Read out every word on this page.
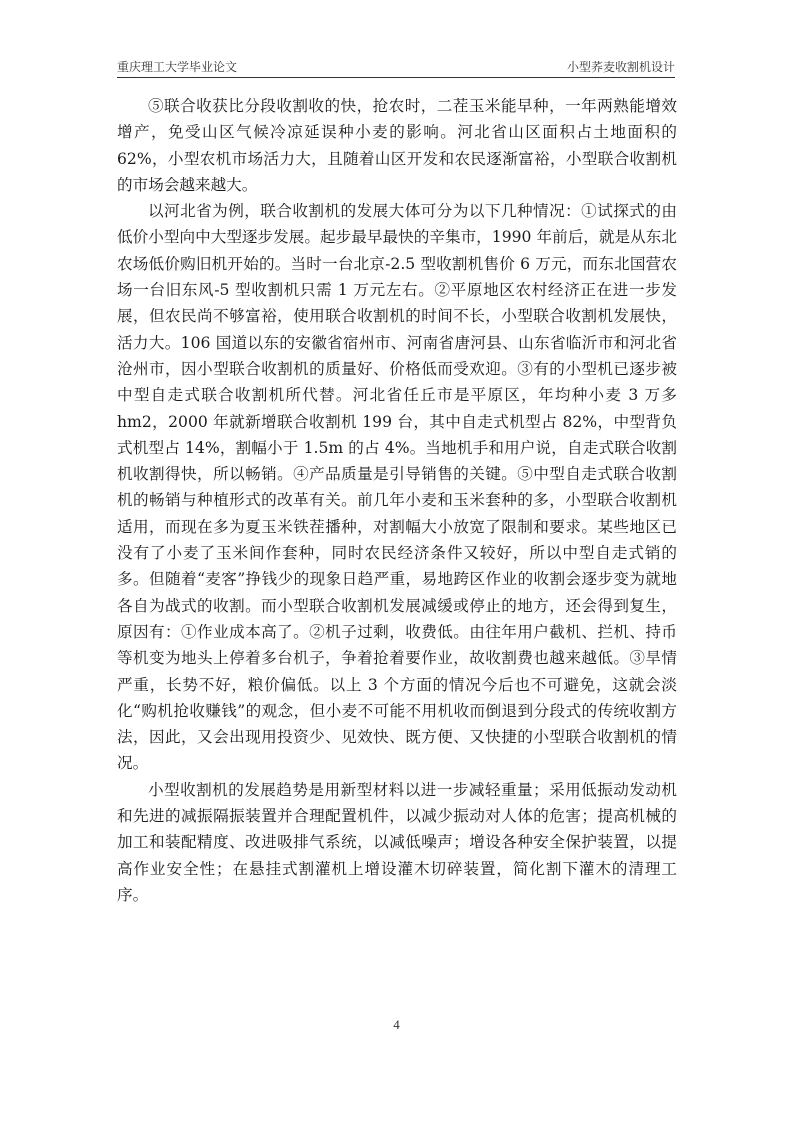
重庆理工大学毕业论文	小型荞麦收割机设计

⑤联合收获比分段收割收的快，抢农时，二茬玉米能早种，一年两熟能增效增产，免受山区气候冷凉延误种小麦的影响。河北省山区面积占土地面积的 62%，小型农机市场活力大，且随着山区开发和农民逐渐富裕，小型联合收割机的市场会越来越大。

以河北省为例，联合收割机的发展大体可分为以下几种情况：①试探式的由低价小型向中大型逐步发展。起步最早最快的辛集市，1990 年前后，就是从东北农场低价购旧机开始的。当时一台北京-2.5 型收割机售价 6 万元，而东北国营农场一台旧东风-5 型收割机只需 1 万元左右。②平原地区农村经济正在进一步发展，但农民尚不够富裕，使用联合收割机的时间不长，小型联合收割机发展快，活力大。106 国道以东的安徽省宿州市、河南省唐河县、山东省临沂市和河北省沧州市，因小型联合收割机的质量好、价格低而受欢迎。③有的小型机已逐步被中型自走式联合收割机所代替。河北省任丘市是平原区，年均种小麦 3 万多 hm2，2000 年就新增联合收割机 199 台，其中自走式机型占 82%，中型背负式机型占 14%，割幅小于 1.5m 的占 4%。当地机手和用户说，自走式联合收割机收割得快，所以畅销。④产品质量是引导销售的关键。⑤中型自走式联合收割机的畅销与种植形式的改革有关。前几年小麦和玉米套种的多，小型联合收割机适用，而现在多为夏玉米铁茬播种，对割幅大小放宽了限制和要求。某些地区已没有了小麦了玉米间作套种，同时农民经济条件又较好，所以中型自走式销的多。但随着“麦客”挣钱少的现象日趋严重，易地跨区作业的收割会逐步变为就地各自为战式的收割。而小型联合收割机发展减缓或停止的地方，还会得到复生，原因有：①作业成本高了。②机子过剩，收费低。由往年用户截机、拦机、持币等机变为地头上停着多台机子，争着抢着要作业，故收割费也越来越低。③旱情严重，长势不好，粮价偏低。以上 3 个方面的情况今后也不可避免，这就会淡化“购机抢收赚钱”的观念，但小麦不可能不用机收而倒退到分段式的传统收割方法，因此，又会出现用投资少、见效快、既方便、又快捷的小型联合收割机的情况。

小型收割机的发展趋势是用新型材料以进一步减轻重量；采用低振动发动机和先进的减振隔振装置并合理配置机件，以减少振动对人体的危害；提高机械的加工和装配精度、改进吸排气系统，以减低噪声；增设各种安全保护装置，以提高作业安全性；在悬挂式割灌机上增设灌木切碎装置，简化割下灌木的清理工序。

4
